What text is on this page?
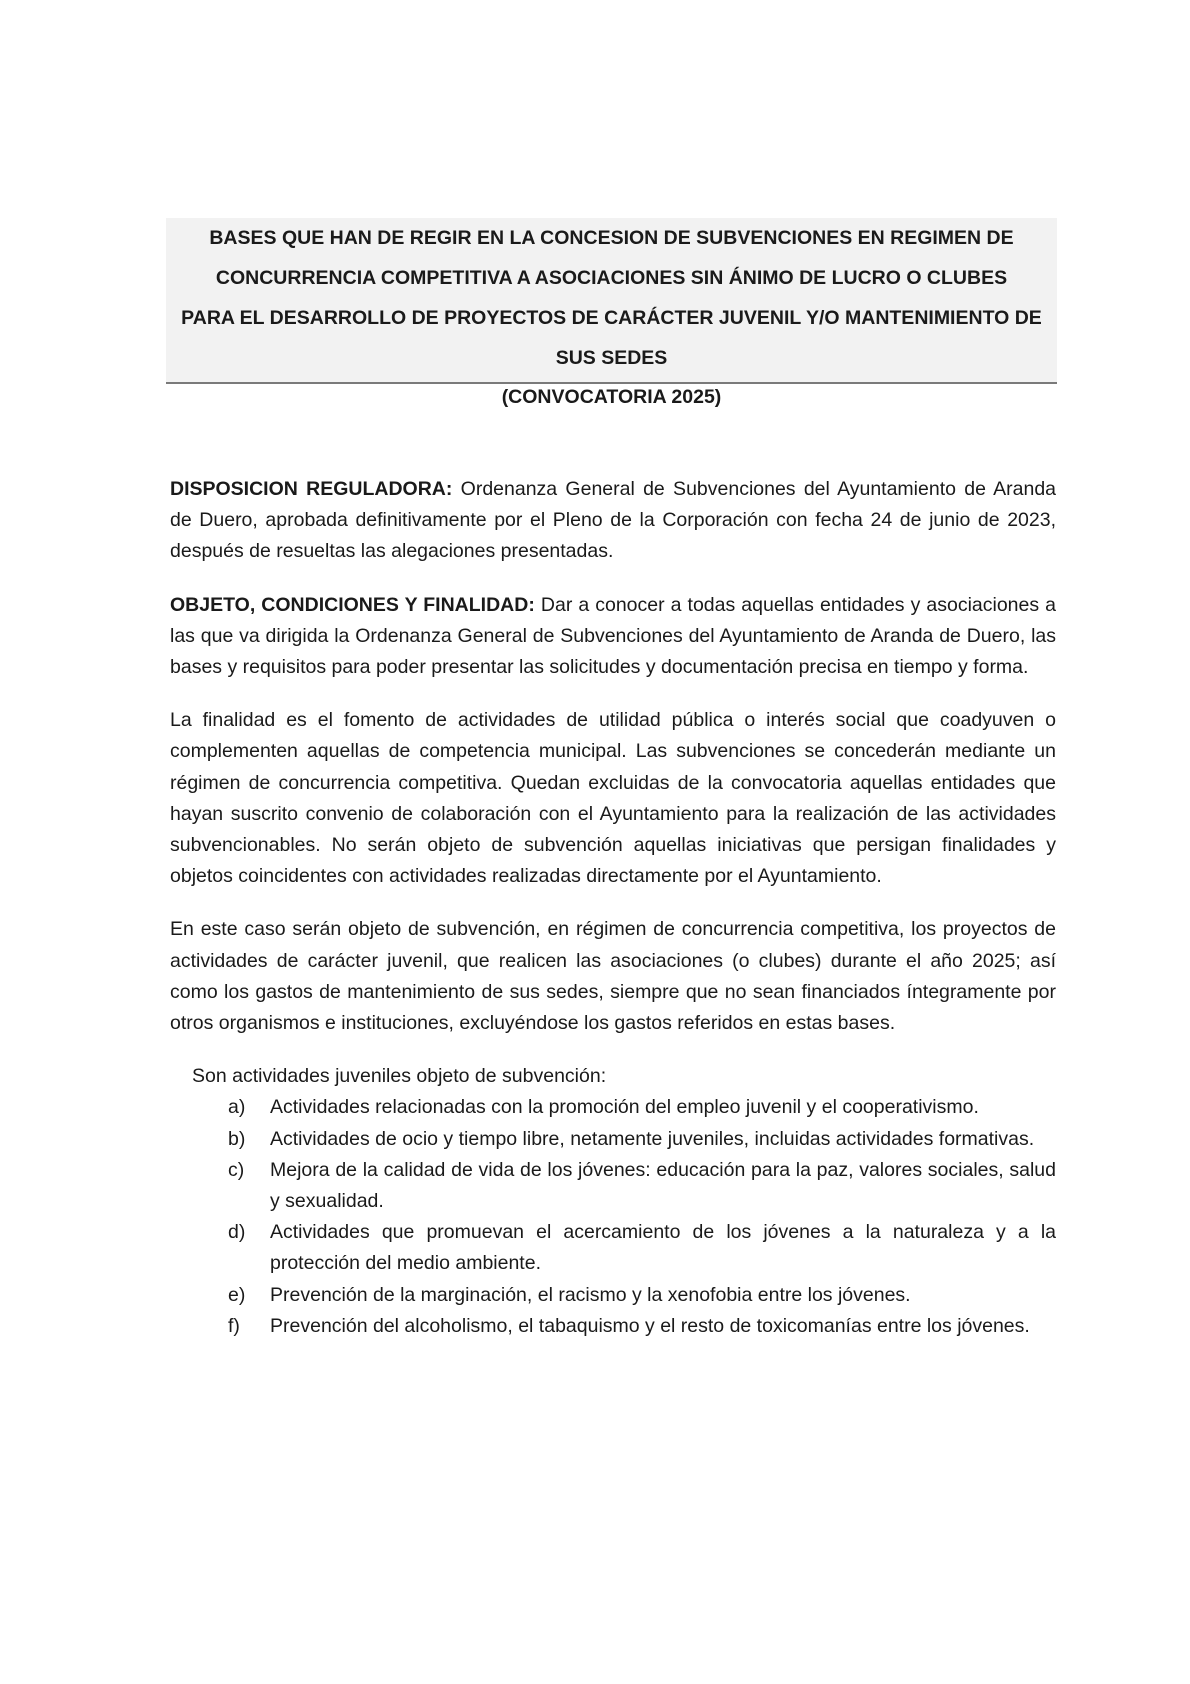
BASES QUE HAN DE REGIR EN LA CONCESION DE SUBVENCIONES EN REGIMEN DE
CONCURRENCIA COMPETITIVA A ASOCIACIONES SIN ÁNIMO DE LUCRO O CLUBES
PARA EL DESARROLLO DE PROYECTOS DE CARÁCTER JUVENIL Y/O MANTENIMIENTO DE
SUS SEDES
(CONVOCATORIA 2025)

DISPOSICION REGULADORA: Ordenanza General de Subvenciones del Ayuntamiento de Aranda de Duero, aprobada definitivamente por el Pleno de la Corporación con fecha 24 de junio de 2023, después de resueltas las alegaciones presentadas.

OBJETO, CONDICIONES Y FINALIDAD: Dar a conocer a todas aquellas entidades y asociaciones a las que va dirigida la Ordenanza General de Subvenciones del Ayuntamiento de Aranda de Duero, las bases y requisitos para poder presentar las solicitudes y documentación precisa en tiempo y forma.

La finalidad es el fomento de actividades de utilidad pública o interés social que coadyuven o complementen aquellas de competencia municipal. Las subvenciones se concederán mediante un régimen de concurrencia competitiva. Quedan excluidas de la convocatoria aquellas entidades que hayan suscrito convenio de colaboración con el Ayuntamiento para la realización de las actividades subvencionables. No serán objeto de subvención aquellas iniciativas que persigan finalidades y objetos coincidentes con actividades realizadas directamente por el Ayuntamiento.

En este caso serán objeto de subvención, en régimen de concurrencia competitiva, los proyectos de actividades de carácter juvenil, que realicen las asociaciones (o clubes) durante el año 2025; así como los gastos de mantenimiento de sus sedes, siempre que no sean financiados íntegramente por otros organismos e instituciones, excluyéndose los gastos referidos en estas bases.

Son actividades juveniles objeto de subvención:

a) Actividades relacionadas con la promoción del empleo juvenil y el cooperativismo.
b) Actividades de ocio y tiempo libre, netamente juveniles, incluidas actividades formativas.
c) Mejora de la calidad de vida de los jóvenes: educación para la paz, valores sociales, salud y sexualidad.
d) Actividades que promuevan el acercamiento de los jóvenes a la naturaleza y a la protección del medio ambiente.
e) Prevención de la marginación, el racismo y la xenofobia entre los jóvenes.
f) Prevención del alcoholismo, el tabaquismo y el resto de toxicomanías entre los jóvenes.
